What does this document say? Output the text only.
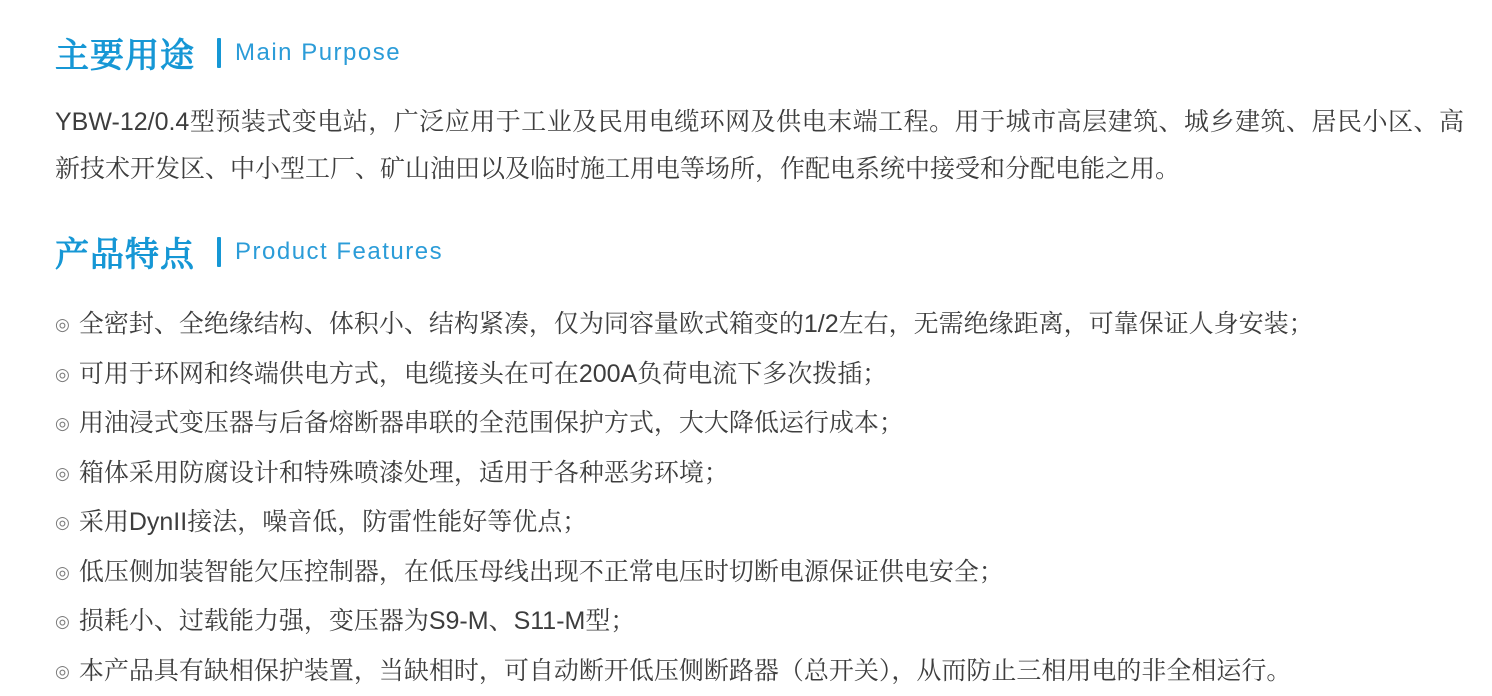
主要用途 Main Purpose

YBW-12/0.4型预装式变电站，广泛应用于工业及民用电缆环网及供电末端工程。用于城市高层建筑、城乡建筑、居民小区、高新技术开发区、中小型工厂、矿山油田以及临时施工用电等场所，作配电系统中接受和分配电能之用。

产品特点 Product Features
◎ 全密封、全绝缘结构、体积小、结构紧凑，仅为同容量欧式箱变的1/2左右，无需绝缘距离，可靠保证人身安装；
◎ 可用于环网和终端供电方式，电缆接头在可在200A负荷电流下多次拨插；
◎ 用油浸式变压器与后备熔断器串联的全范围保护方式，大大降低运行成本；
◎ 箱体采用防腐设计和特殊喷漆处理，适用于各种恶劣环境；
◎ 采用DynII接法，噪音低，防雷性能好等优点；
◎ 低压侧加装智能欠压控制器，在低压母线出现不正常电压时切断电源保证供电安全；
◎ 损耗小、过载能力强，变压器为S9-M、S11-M型；
◎ 本产品具有缺相保护装置，当缺相时，可自动断开低压侧断路器（总开关），从而防止三相用电的非全相运行。
